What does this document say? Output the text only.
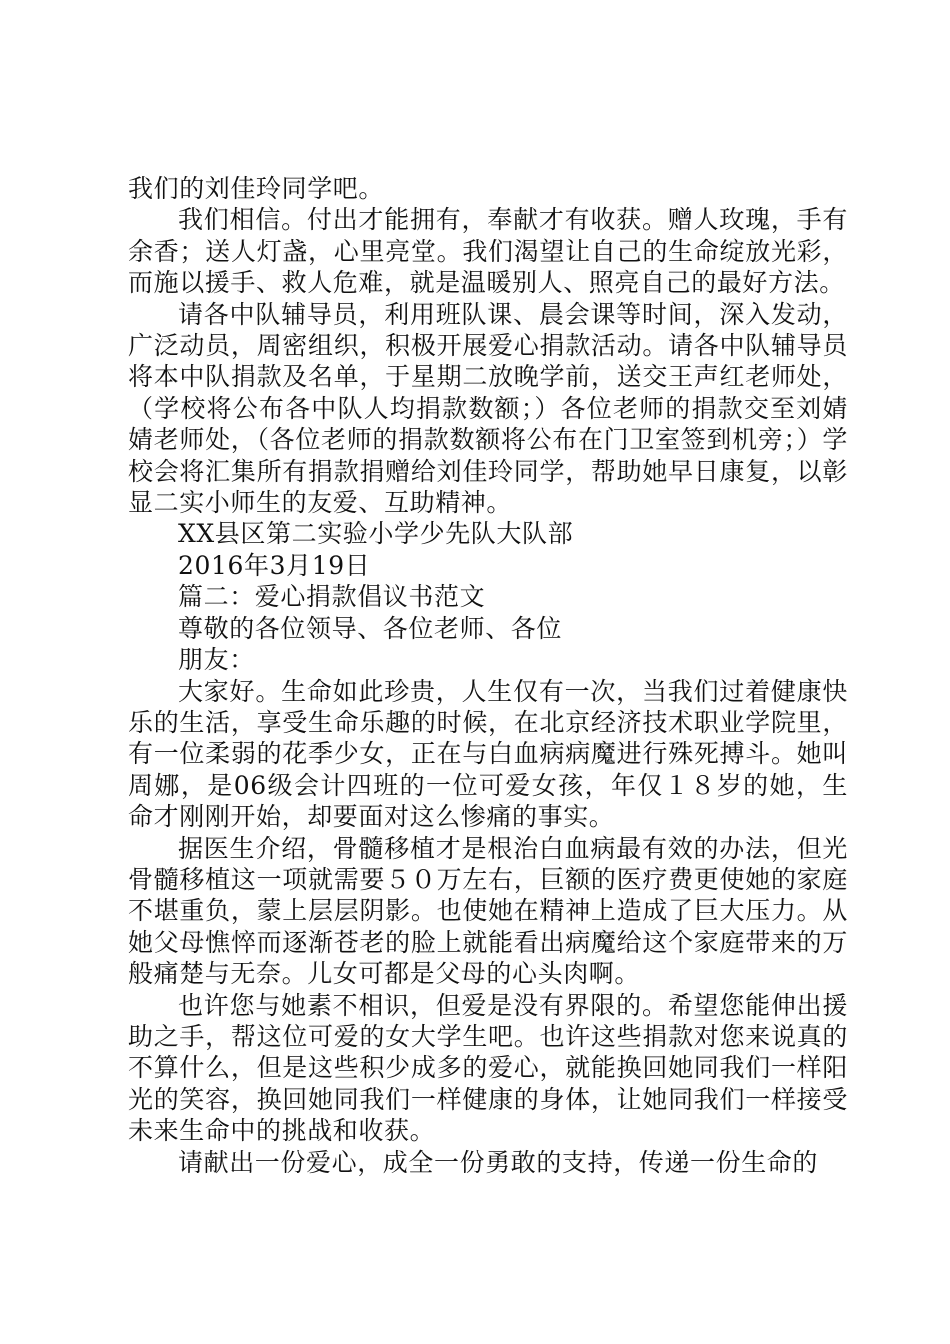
我们的刘佳玲同学吧。

我们相信。付出才能拥有，奉献才有收获。赠人玫瑰，手有余香；送人灯盏，心里亮堂。我们渴望让自己的生命绽放光彩，而施以援手、救人危难，就是温暖别人、照亮自己的最好方法。

请各中队辅导员，利用班队课、晨会课等时间，深入发动，广泛动员，周密组织，积极开展爱心捐款活动。请各中队辅导员将本中队捐款及名单，于星期二放晚学前，送交王声红老师处，（学校将公布各中队人均捐款数额；）各位老师的捐款交至刘婧婧老师处，（各位老师的捐款数额将公布在门卫室签到机旁；）学校会将汇集所有捐款捐赠给刘佳玲同学，帮助她早日康复，以彰显二实小师生的友爱、互助精神。

XX县区第二实验小学少先队大队部

2016年3月19日

篇二：爱心捐款倡议书范文

尊敬的各位领导、各位老师、各位

朋友：

大家好。生命如此珍贵，人生仅有一次，当我们过着健康快乐的生活，享受生命乐趣的时候，在北京经济技术职业学院里，有一位柔弱的花季少女，正在与白血病病魔进行殊死搏斗。她叫周娜，是06级会计四班的一位可爱女孩，年仅１８岁的她，生命才刚刚开始，却要面对这么惨痛的事实。

据医生介绍，骨髓移植才是根治白血病最有效的办法，但光骨髓移植这一项就需要５０万左右，巨额的医疗费更使她的家庭不堪重负，蒙上层层阴影。也使她在精神上造成了巨大压力。从她父母憔悴而逐渐苍老的脸上就能看出病魔给这个家庭带来的万般痛楚与无奈。儿女可都是父母的心头肉啊。

也许您与她素不相识，但爱是没有界限的。希望您能伸出援助之手，帮这位可爱的女大学生吧。也许这些捐款对您来说真的不算什么，但是这些积少成多的爱心，就能换回她同我们一样阳光的笑容，换回她同我们一样健康的身体，让她同我们一样接受未来生命中的挑战和收获。

请献出一份爱心，成全一份勇敢的支持，传递一份生命的
